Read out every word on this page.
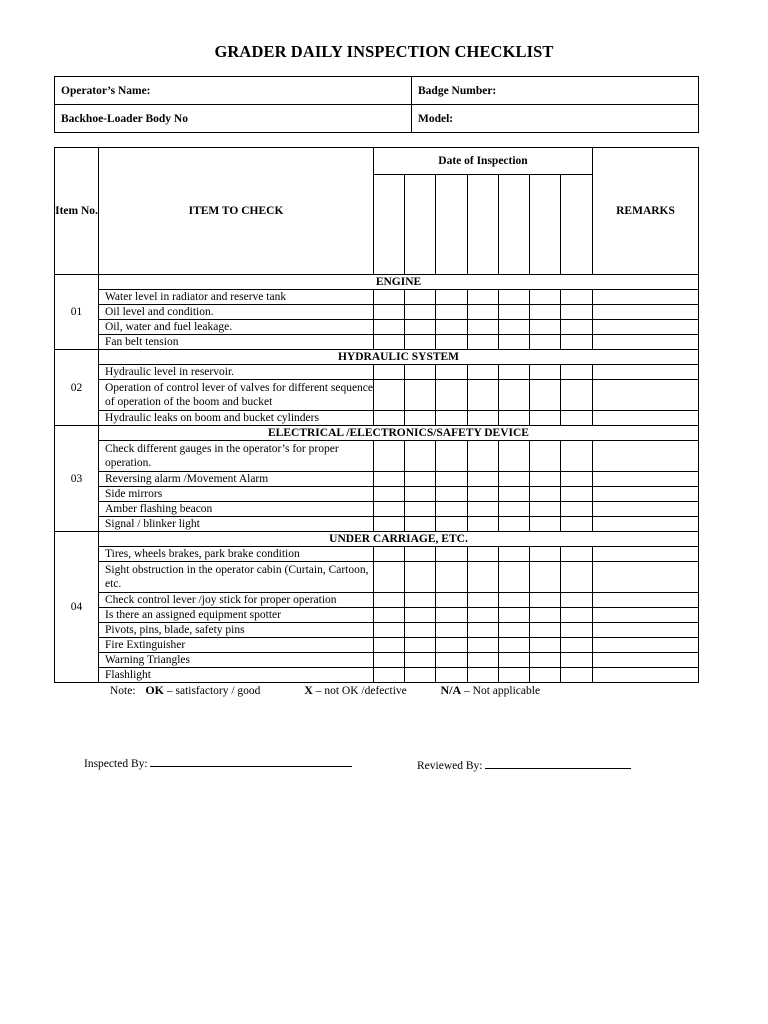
GRADER DAILY INSPECTION CHECKLIST
Operator’s Name:	Badge Number:
Backhoe-Loader Body No	Model:
Item No.	ITEM TO CHECK	Date of Inspection							REMARKS

01	ENGINE								
	Water level in radiator and reserve tank								
	Oil level and condition.								
	Oil, water and fuel leakage.								
	Fan belt tension								
02	HYDRAULIC SYSTEM								
	Hydraulic level in reservoir.								
	Operation of control lever of valves for different sequence of operation of the boom and bucket								
	Hydraulic leaks on boom and bucket cylinders								
03	ELECTRICAL /ELECTRONICS/SAFETY DEVICE								
	Check different gauges in the operator’s for proper operation.								
	Reversing alarm /Movement Alarm								
	Side mirrors								
	Amber flashing beacon								
	Signal / blinker light								
04	UNDER CARRIAGE, ETC.								
	Tires, wheels brakes, park brake condition								
	Sight obstruction in the operator cabin (Curtain, Cartoon, etc.								
	Check control lever /joy stick for proper operation								
	Is there an assigned equipment spotter								
	Pivots, pins, blade, safety pins								
	Fire Extinguisher								
	Warning Triangles								
	Flashlight								
Note: OK – satisfactory / good	X – not OK /defective	N/A – Not applicable
Inspected By:	Reviewed By:
